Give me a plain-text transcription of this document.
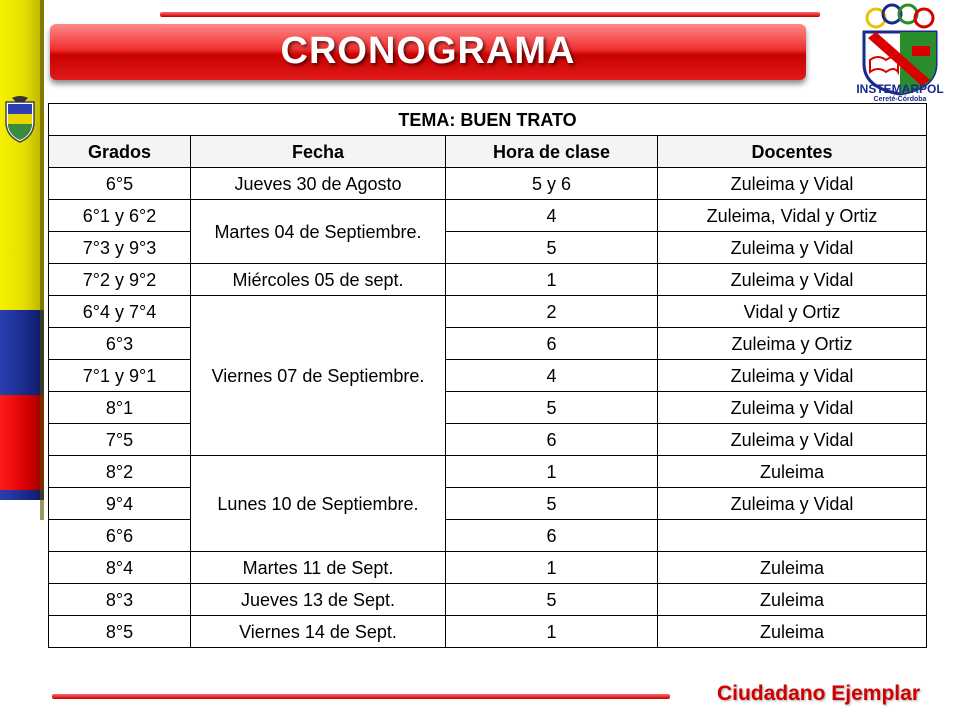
CRONOGRAMA
INSTEMARPOL
Cereté-Córdoba
TEMA: BUEN TRATO			
Grados	Fecha	Hora de clase	Docentes
6°5	Jueves 30 de Agosto	5 y 6	Zuleima y Vidal
6°1 y 6°2	Martes 04 de Septiembre.	4	Zuleima, Vidal y Ortiz
7°3 y 9°3		5	Zuleima y Vidal
7°2 y 9°2	Miércoles 05 de sept.	1	Zuleima y Vidal
6°4 y 7°4	Viernes 07 de Septiembre.	2	Vidal y Ortiz
6°3		6	Zuleima y Ortiz
7°1 y 9°1		4	Zuleima y Vidal
8°1		5	Zuleima y Vidal
7°5		6	Zuleima y Vidal
8°2	Lunes 10 de Septiembre.	1	Zuleima
9°4		5	Zuleima y Vidal
6°6		6	
8°4	Martes 11 de Sept.	1	Zuleima
8°3	Jueves 13 de Sept.	5	Zuleima
8°5	Viernes 14 de Sept.	1	Zuleima
Ciudadano Ejemplar
